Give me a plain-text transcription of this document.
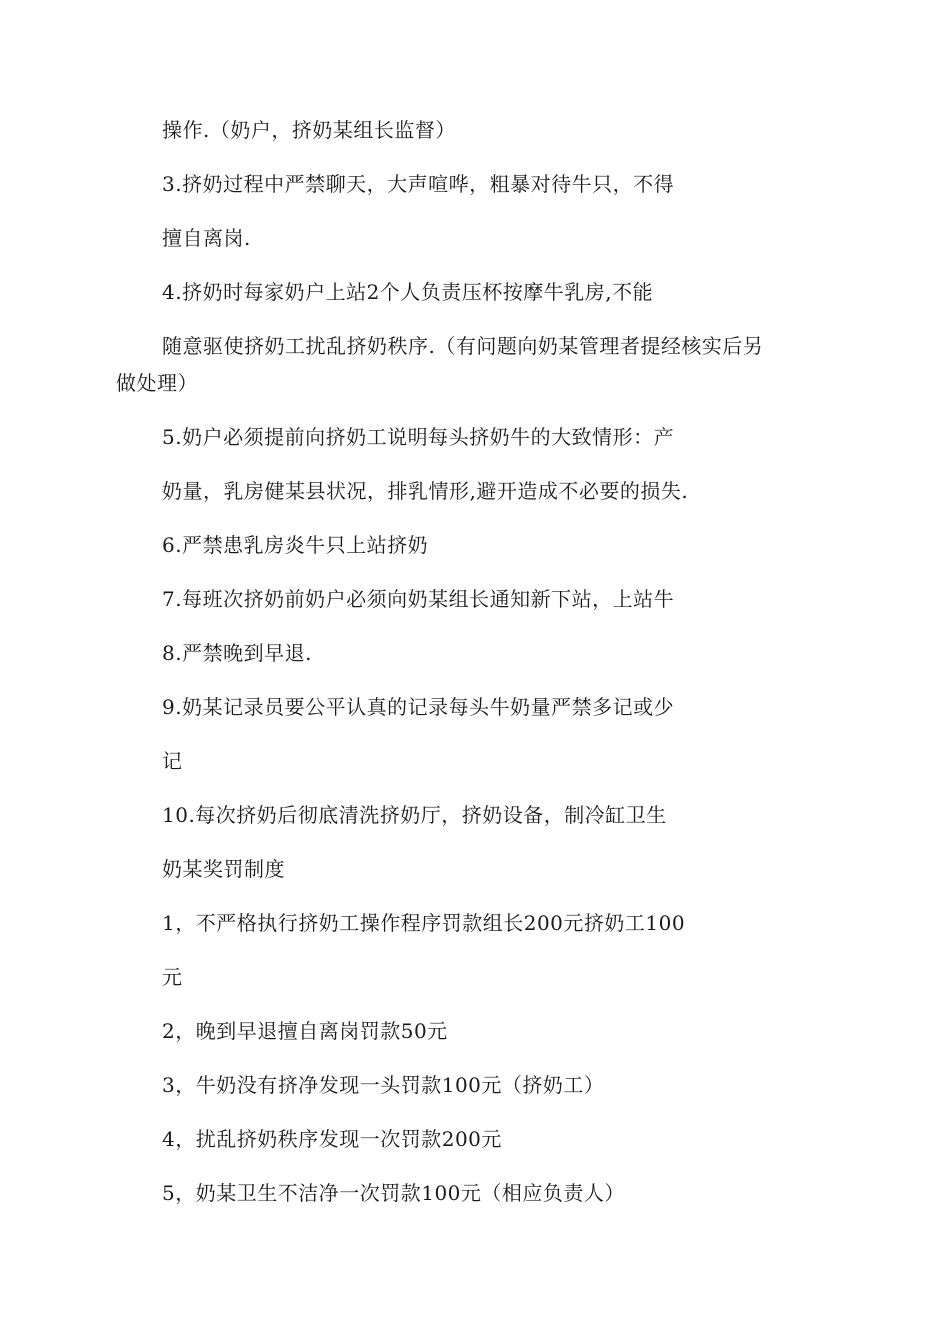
操作.（奶户，挤奶某组长监督）
3.挤奶过程中严禁聊天，大声喧哗，粗暴对待牛只，不得
擅自离岗.
4.挤奶时每家奶户上站2个人负责压杯按摩牛乳房,不能
随意驱使挤奶工扰乱挤奶秩序.（有问题向奶某管理者提经核实后另
做处理）
5.奶户必须提前向挤奶工说明每头挤奶牛的大致情形：产
奶量，乳房健某县状况，排乳情形,避开造成不必要的损失.
6.严禁患乳房炎牛只上站挤奶
7.每班次挤奶前奶户必须向奶某组长通知新下站，上站牛
8.严禁晚到早退.
9.奶某记录员要公平认真的记录每头牛奶量严禁多记或少
记
10.每次挤奶后彻底清洗挤奶厅，挤奶设备，制冷缸卫生
奶某奖罚制度
1，不严格执行挤奶工操作程序罚款组长200元挤奶工100
元
2，晚到早退擅自离岗罚款50元
3，牛奶没有挤净发现一头罚款100元（挤奶工）
4，扰乱挤奶秩序发现一次罚款200元
5，奶某卫生不洁净一次罚款100元（相应负责人）
